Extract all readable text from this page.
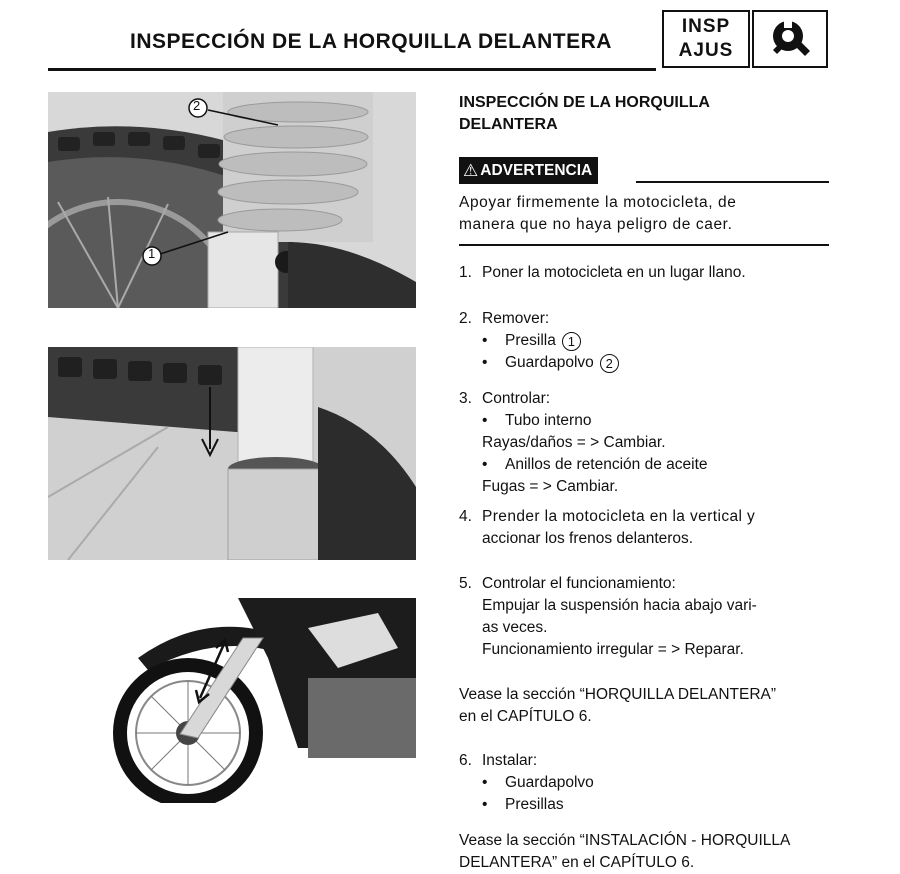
INSPECCIÓN DE LA HORQUILLA DELANTERA
INSP
AJUS
2
1
INSPECCIÓN DE LA HORQUILLA
DELANTERA
⚠ ADVERTENCIA
Apoyar firmemente la motocicleta, de
manera que no haya peligro de caer.
1. Poner la motocicleta en un lugar llano.
2. Remover:
• Presilla 1
• Guardapolvo 2
3. Controlar:
• Tubo interno
Rayas/daños = > Cambiar.
• Anillos de retención de aceite
Fugas = > Cambiar.
4. Prender la motocicleta en la vertical y
accionar los frenos delanteros.
5. Controlar el funcionamiento:
Empujar la suspensión hacia abajo vari-
as veces.
Funcionamiento irregular = > Reparar.
Vease la sección “HORQUILLA DELANTERA”
en el CAPÍTULO 6.
6. Instalar:
• Guardapolvo
• Presillas
Vease la sección “INSTALACIÓN - HORQUILLA
DELANTERA” en el CAPÍTULO 6.
